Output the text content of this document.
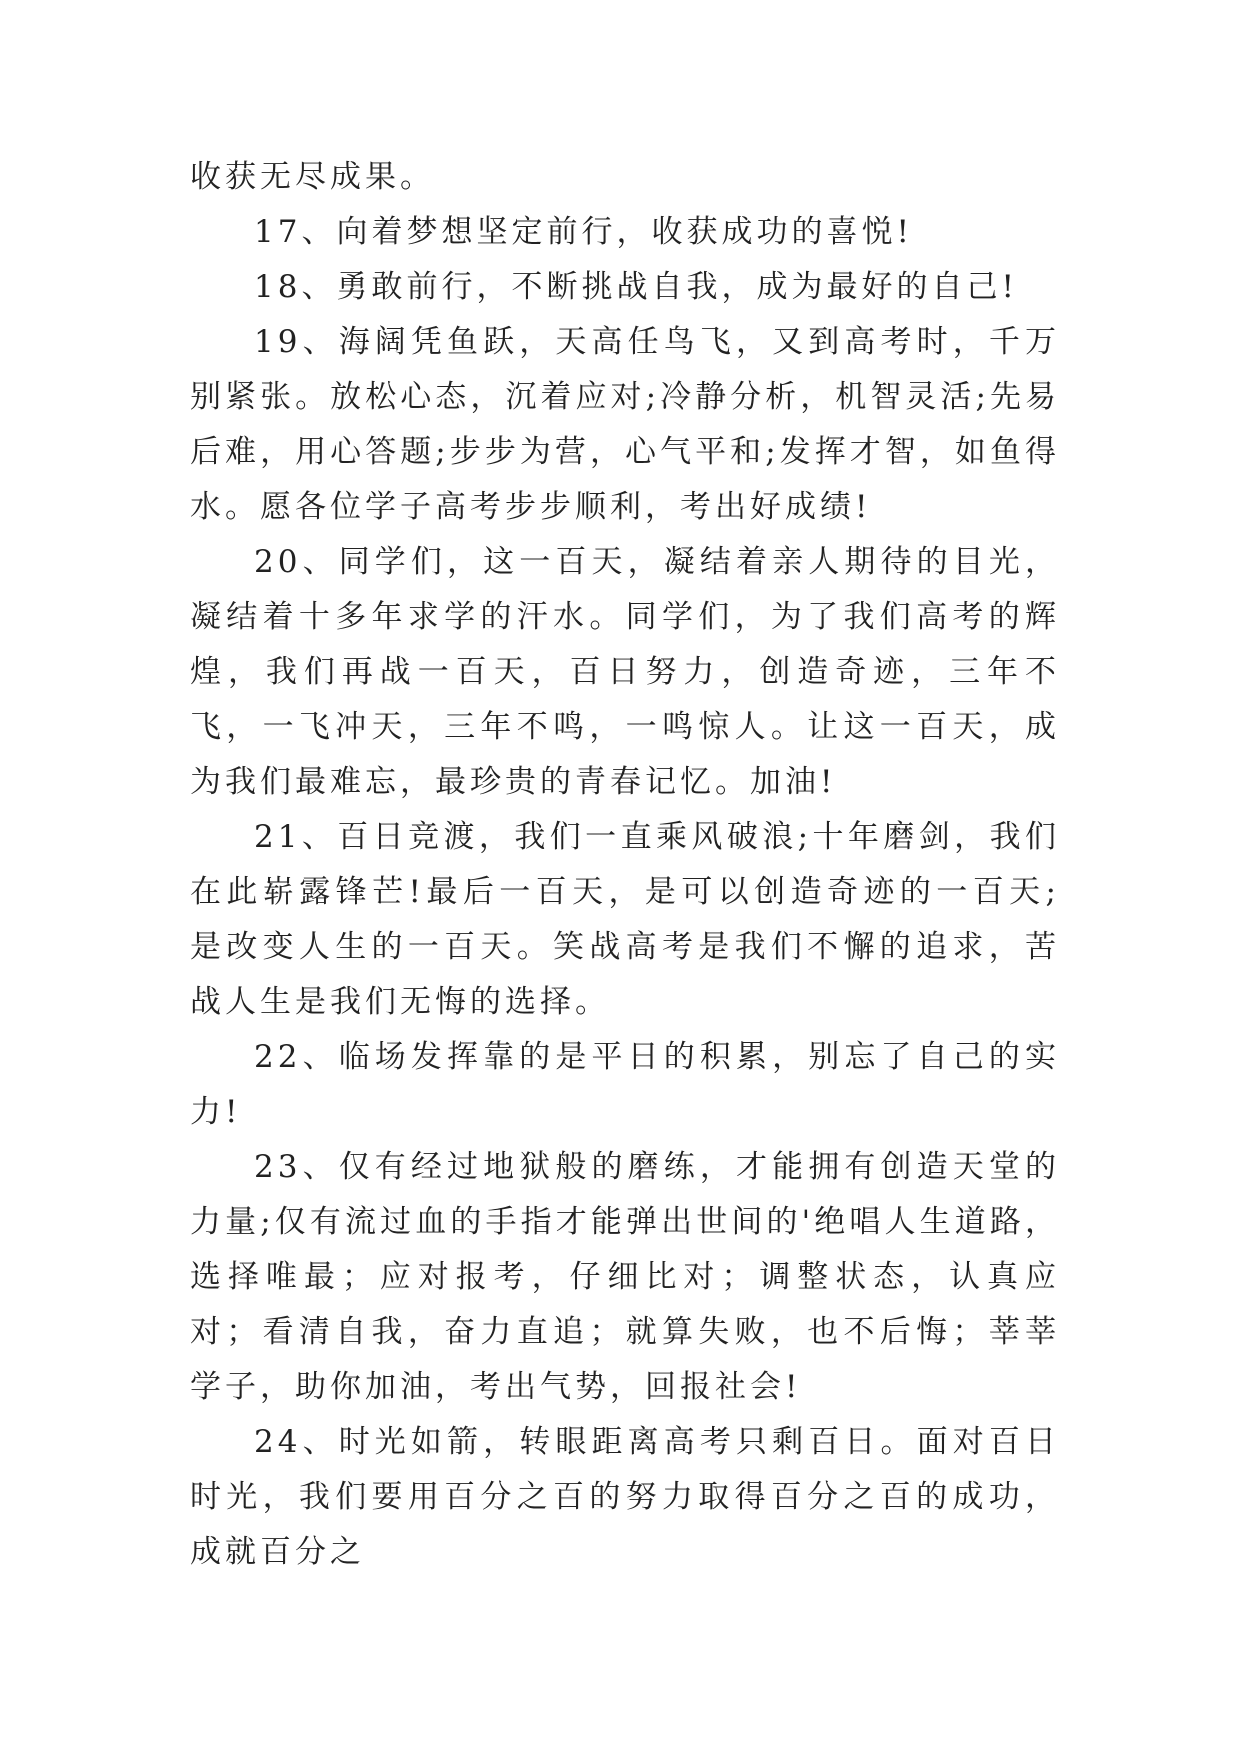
收获无尽成果。

17、向着梦想坚定前行，收获成功的喜悦!

18、勇敢前行，不断挑战自我，成为最好的自己!

19、海阔凭鱼跃，天高任鸟飞，又到高考时，千万别紧张。放松心态，沉着应对;冷静分析，机智灵活;先易后难，用心答题;步步为营，心气平和;发挥才智，如鱼得水。愿各位学子高考步步顺利，考出好成绩!

20、同学们，这一百天，凝结着亲人期待的目光，凝结着十多年求学的汗水。同学们，为了我们高考的辉煌，我们再战一百天，百日努力，创造奇迹，三年不飞，一飞冲天，三年不鸣，一鸣惊人。让这一百天，成为我们最难忘，最珍贵的青春记忆。加油!

21、百日竞渡，我们一直乘风破浪;十年磨剑，我们在此崭露锋芒!最后一百天，是可以创造奇迹的一百天;是改变人生的一百天。笑战高考是我们不懈的追求，苦战人生是我们无悔的选择。

22、临场发挥靠的是平日的积累，别忘了自己的实力!

23、仅有经过地狱般的磨练，才能拥有创造天堂的力量;仅有流过血的手指才能弹出世间的'绝唱人生道路，选择唯最；应对报考，仔细比对；调整状态，认真应对；看清自我，奋力直追；就算失败，也不后悔；莘莘学子，助你加油，考出气势，回报社会!

24、时光如箭，转眼距离高考只剩百日。面对百日时光，我们要用百分之百的努力取得百分之百的成功，成就百分之
